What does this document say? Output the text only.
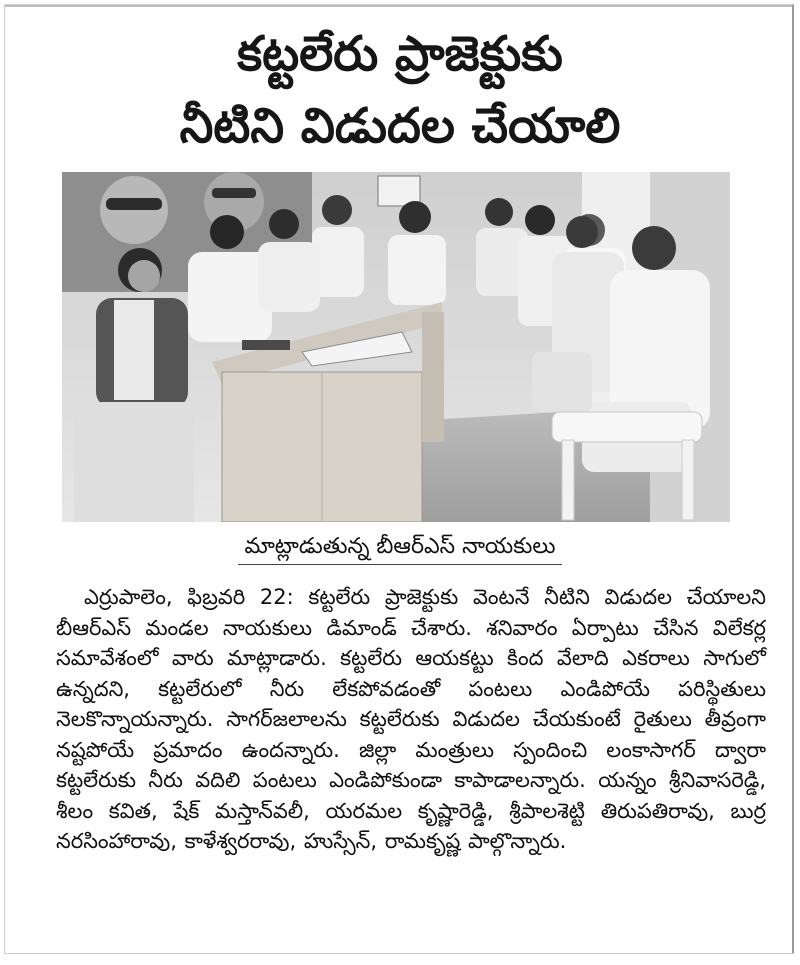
కట్టలేరు ప్రాజెక్టుకు
నీటిని విడుదల చేయాలి
మాట్లాడుతున్న బీఆర్ఎస్ నాయకులు

ఎర్రుపాలెం, ఫిబ్రవరి 22: కట్టలేరు ప్రాజెక్టుకు వెంటనే నీటిని విడుదల చేయాలని బీఆర్ఎస్ మండల నాయకులు డిమాండ్ చేశారు. శనివారం ఏర్పాటు చేసిన విలేకర్ల సమావేశంలో వారు మాట్లాడారు. కట్టలేరు ఆయకట్టు కింద వేలాది ఎకరాలు సాగులో ఉన్నదని, కట్టలేరులో నీరు లేకపోవడంతో పంటలు ఎండిపోయే పరిస్థితులు నెలకొన్నాయన్నారు. సాగర్‌జలాలను కట్టలేరుకు విడుదల చేయకుంటే రైతులు తీవ్రంగా నష్టపోయే ప్రమాదం ఉందన్నారు. జిల్లా మంత్రులు స్పందించి లంకాసాగర్ ద్వారా కట్టలేరుకు నీరు వదిలి పంటలు ఎండిపోకుండా కాపాడాలన్నారు. యన్నం శ్రీనివాసరెడ్డి, శీలం కవిత, షేక్ మస్తాన్‌వలీ, యరమల కృష్ణారెడ్డి, శ్రీపాలశెట్టి తిరుపతిరావు, బుర్ర నరసింహారావు, కాళేశ్వరరావు, హుస్సేన్, రామకృష్ణ పాల్గొన్నారు.
